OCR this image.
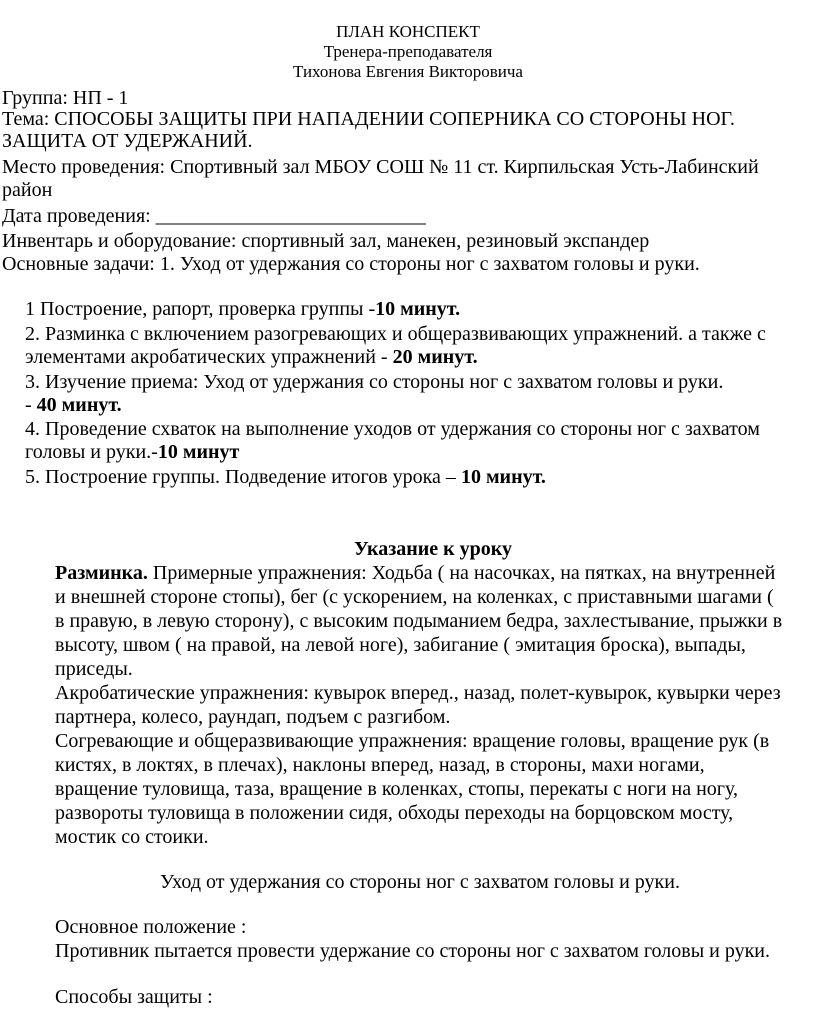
ПЛАН КОНСПЕКТ
Тренера-преподавателя
Тихонова Евгения Викторовича
Группа: НП - 1
Тема: СПОСОБЫ ЗАЩИТЫ ПРИ НАПАДЕНИИ СОПЕРНИКА СО СТОРОНЫ НОГ.
ЗАЩИТА ОТ УДЕРЖАНИЙ.
Место проведения: Спортивный зал МБОУ СОШ № 11 ст. Кирпильская Усть-Лабинский
район
Дата проведения: ___________________________
Инвентарь и оборудование: спортивный зал, манекен, резиновый экспандер
Основные задачи: 1. Уход от удержания со стороны ног с захватом головы и руки.
1 Построение, рапорт, проверка группы -10 минут.
2. Разминка с включением разогревающих и общеразвивающих упражнений. а также с
элементами акробатических упражнений - 20 минут.
3. Изучение приема: Уход от удержания со стороны ног с захватом головы и руки.
- 40 минут.
4. Проведение схваток на выполнение уходов от удержания со стороны ног с захватом
головы и руки.-10 минут
5. Построение группы. Подведение итогов урока – 10 минут.
Указание к уроку
Разминка. Примерные упражнения: Ходьба ( на насочках, на пятках, на внутренней
и внешней стороне стопы), бег (с ускорением, на коленках, с приставными шагами (
в правую, в левую сторону), с высоким подыманием бедра, захлестывание, прыжки в
высоту, швом ( на правой, на левой ноге), забигание ( эмитация броска), выпады,
приседы.
Акробатические упражнения: кувырок вперед., назад, полет-кувырок, кувырки через
партнера, колесо, раундап, подъем с разгибом.
Согревающие и общеразвивающие упражнения: вращение головы, вращение рук (в
кистях, в локтях, в плечах), наклоны вперед, назад, в стороны, махи ногами,
вращение туловища, таза, вращение в коленках, стопы, перекаты с ноги на ногу,
развороты туловища в положении сидя, обходы переходы на борцовском мосту,
мостик со стоики.
Уход от удержания со стороны ног с захватом головы и руки.
Основное положение :
Противник пытается провести удержание со стороны ног с захватом головы и руки.
Способы защиты :
